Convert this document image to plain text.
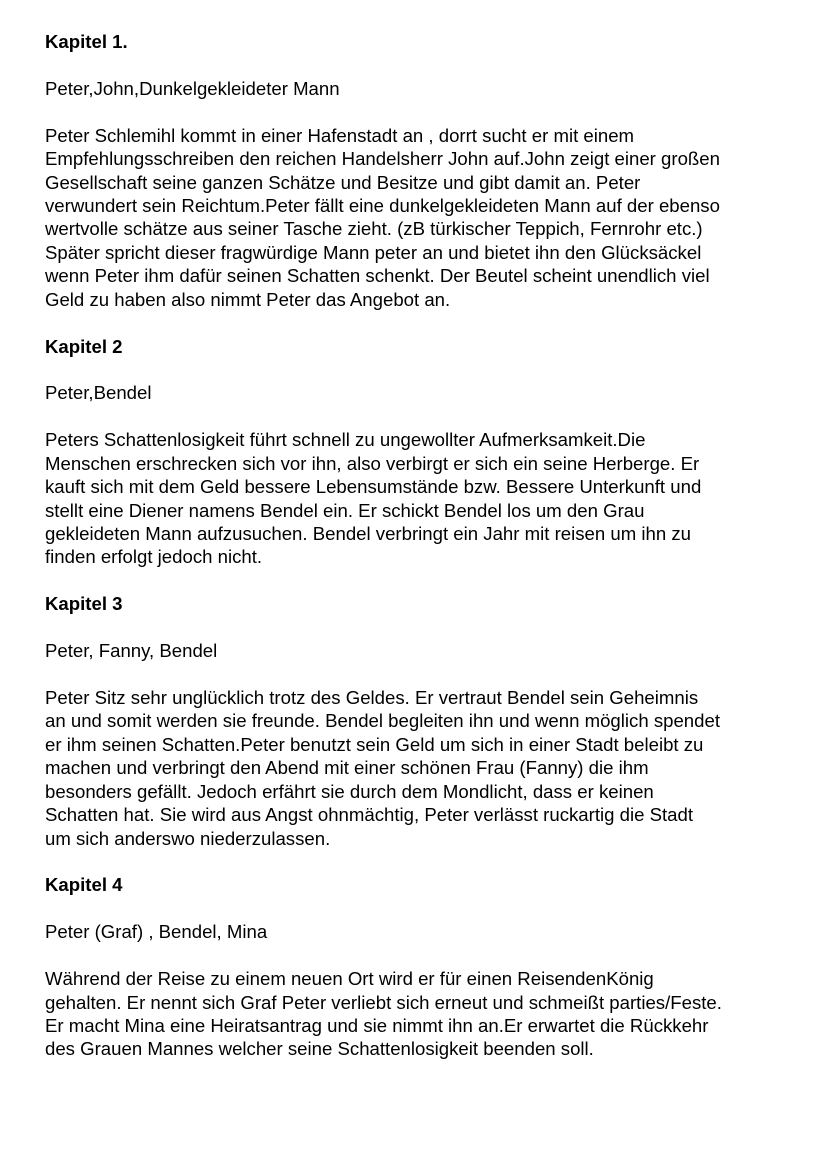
Kapitel 1.

Peter,John,Dunkelgekleideter Mann

Peter Schlemihl kommt in einer Hafenstadt an , dorrt sucht er mit einem
Empfehlungsschreiben den reichen Handelsherr John auf.John zeigt einer großen
Gesellschaft seine ganzen Schätze und Besitze und gibt damit an. Peter
verwundert sein Reichtum.Peter fällt eine dunkelgekleideten Mann auf der ebenso
wertvolle schätze aus seiner Tasche zieht. (zB türkischer Teppich, Fernrohr etc.)
Später spricht dieser fragwürdige Mann peter an und bietet ihn den Glücksäckel
wenn Peter ihm dafür seinen Schatten schenkt. Der Beutel scheint unendlich viel
Geld zu haben also nimmt Peter das Angebot an.

Kapitel 2

Peter,Bendel

Peters Schattenlosigkeit führt schnell zu ungewollter Aufmerksamkeit.Die
Menschen erschrecken sich vor ihn, also verbirgt er sich ein seine Herberge. Er
kauft sich mit dem Geld bessere Lebensumstände bzw. Bessere Unterkunft und
stellt eine Diener namens Bendel ein. Er schickt Bendel los um den Grau
gekleideten Mann aufzusuchen. Bendel verbringt ein Jahr mit reisen um ihn zu
finden erfolgt jedoch nicht.

Kapitel 3

Peter, Fanny, Bendel

Peter Sitz sehr unglücklich trotz des Geldes. Er vertraut Bendel sein Geheimnis
an und somit werden sie freunde. Bendel begleiten ihn und wenn möglich spendet
er ihm seinen Schatten.Peter benutzt sein Geld um sich in einer Stadt beleibt zu
machen und verbringt den Abend mit einer schönen Frau (Fanny) die ihm
besonders gefällt. Jedoch erfährt sie durch dem Mondlicht, dass er keinen
Schatten hat. Sie wird aus Angst ohnmächtig, Peter verlässt ruckartig die Stadt
um sich anderswo niederzulassen.

Kapitel 4

Peter (Graf) , Bendel, Mina

Während der Reise zu einem neuen Ort wird er für einen ReisendenKönig
gehalten. Er nennt sich Graf Peter verliebt sich erneut und schmeißt parties/Feste.
Er macht Mina eine Heiratsantrag und sie nimmt ihn an.Er erwartet die Rückkehr
des Grauen Mannes welcher seine Schattenlosigkeit beenden soll.
